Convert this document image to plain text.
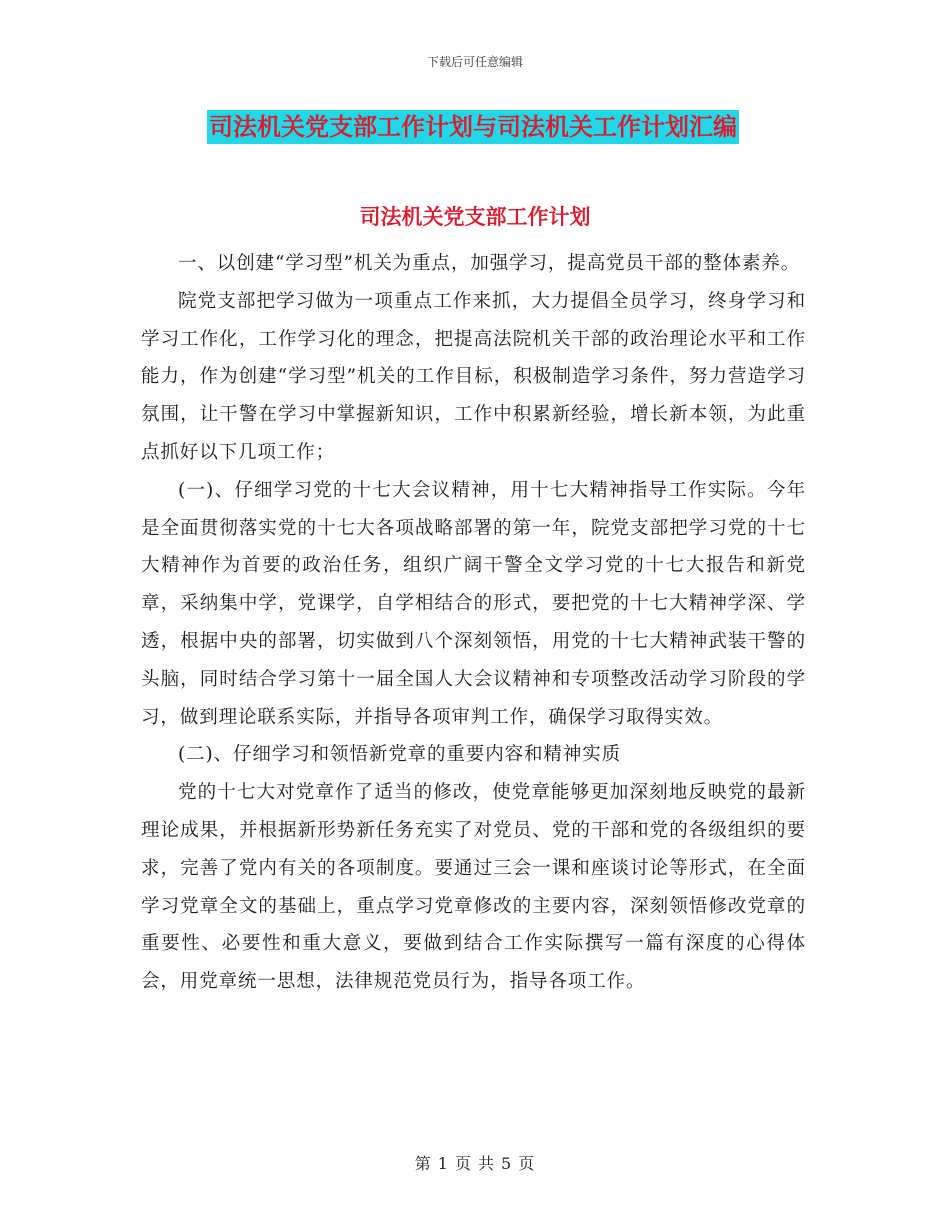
下载后可任意编辑
司法机关党支部工作计划与司法机关工作计划汇编
司法机关党支部工作计划

一、以创建“学习型”机关为重点，加强学习，提高党员干部的整体素养。

院党支部把学习做为一项重点工作来抓，大力提倡全员学习，终身学习和学习工作化，工作学习化的理念，把提高法院机关干部的政治理论水平和工作能力，作为创建“学习型”机关的工作目标，积极制造学习条件，努力营造学习氛围，让干警在学习中掌握新知识，工作中积累新经验，增长新本领，为此重点抓好以下几项工作；

(一)、仔细学习党的十七大会议精神，用十七大精神指导工作实际。今年是全面贯彻落实党的十七大各项战略部署的第一年，院党支部把学习党的十七大精神作为首要的政治任务，组织广阔干警全文学习党的十七大报告和新党章，采纳集中学，党课学，自学相结合的形式，要把党的十七大精神学深、学透，根据中央的部署，切实做到八个深刻领悟，用党的十七大精神武装干警的头脑，同时结合学习第十一届全国人大会议精神和专项整改活动学习阶段的学习，做到理论联系实际，并指导各项审判工作，确保学习取得实效。

(二)、仔细学习和领悟新党章的重要内容和精神实质

党的十七大对党章作了适当的修改，使党章能够更加深刻地反映党的最新理论成果，并根据新形势新任务充实了对党员、党的干部和党的各级组织的要求，完善了党内有关的各项制度。要通过三会一课和座谈讨论等形式，在全面学习党章全文的基础上，重点学习党章修改的主要内容，深刻领悟修改党章的重要性、必要性和重大意义，要做到结合工作实际撰写一篇有深度的心得体会，用党章统一思想，法律规范党员行为，指导各项工作。

第 1 页 共 5 页
